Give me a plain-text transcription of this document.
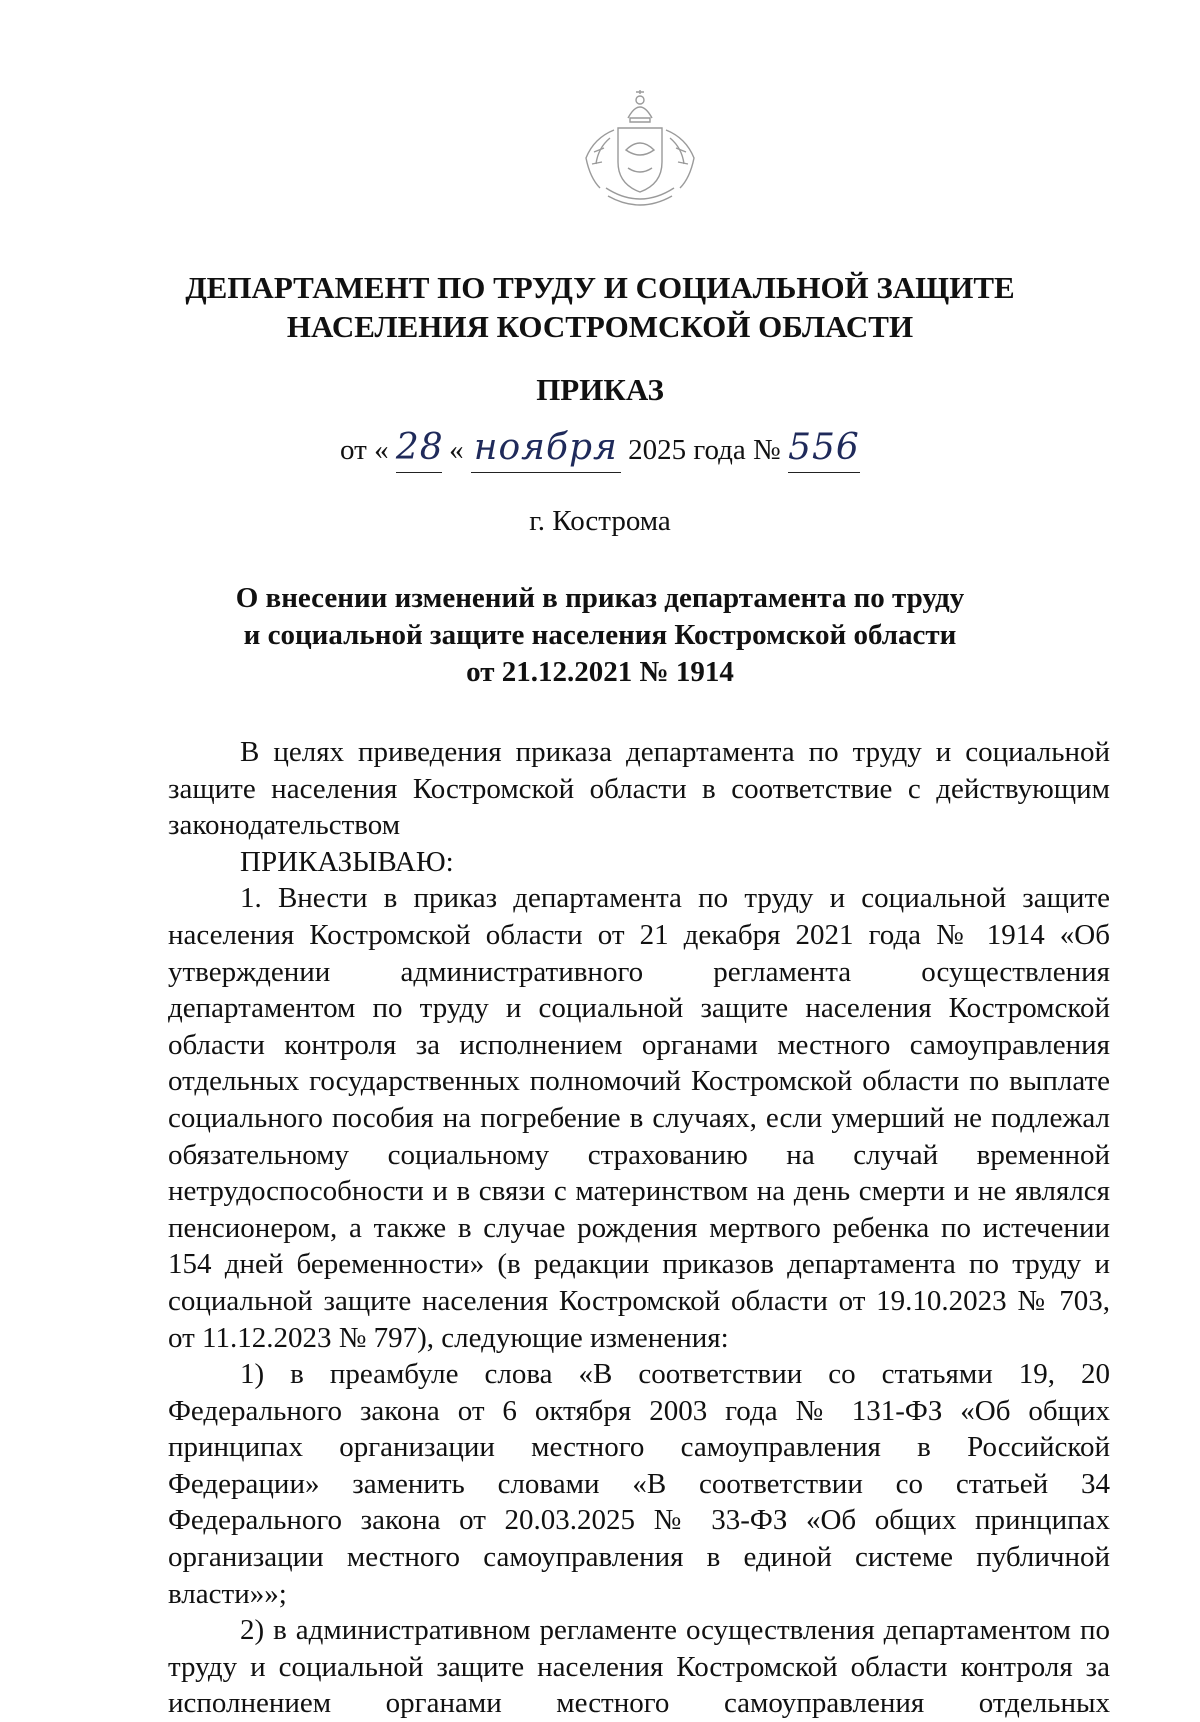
ДЕПАРТАМЕНТ ПО ТРУДУ И СОЦИАЛЬНОЙ ЗАЩИТЕ
НАСЕЛЕНИЯ КОСТРОМСКОЙ ОБЛАСТИ
ПРИКАЗ
от « 28 « ноября 2025 года № 556
г. Кострома
О внесении изменений в приказ департамента по труду
и социальной защите населения Костромской области
от 21.12.2021 № 1914

В целях приведения приказа департамента по труду и социальной защите населения Костромской области в соответствие с действующим законодательством

ПРИКАЗЫВАЮ:

1. Внести в приказ департамента по труду и социальной защите населения Костромской области от 21 декабря 2021 года № 1914 «Об утверждении административного регламента осуществления департаментом по труду и социальной защите населения Костромской области контроля за исполнением органами местного самоуправления отдельных государственных полномочий Костромской области по выплате социального пособия на погребение в случаях, если умерший не подлежал обязательному социальному страхованию на случай временной нетрудоспособности и в связи с материнством на день смерти и не являлся пенсионером, а также в случае рождения мертвого ребенка по истечении 154 дней беременности» (в редакции приказов департамента по труду и социальной защите населения Костромской области от 19.10.2023 № 703, от 11.12.2023 № 797), следующие изменения:

1) в преамбуле слова «В соответствии со статьями 19, 20 Федерального закона от 6 октября 2003 года № 131-ФЗ «Об общих принципах организации местного самоуправления в Российской Федерации» заменить словами «В соответствии со статьей 34 Федерального закона от 20.03.2025 № 33-ФЗ «Об общих принципах организации местного самоуправления в единой системе публичной власти»»;

2) в административном регламенте осуществления департаментом по труду и социальной защите населения Костромской области контроля за исполнением органами местного самоуправления отдельных
